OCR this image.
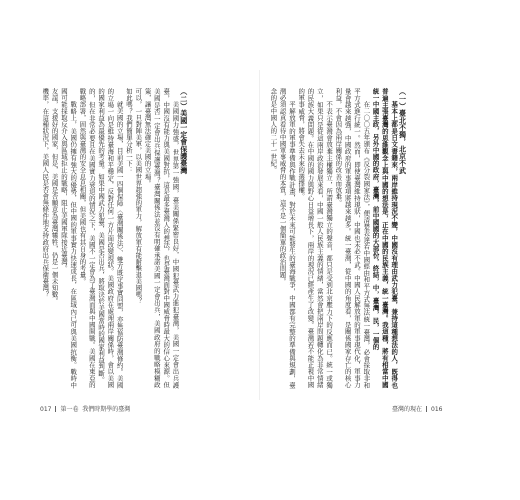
（一）臺北不獨，北京不武

基本上都是日文書籍來，兩岸維持現況不變，中國沒有理由武力犯臺，兼持這種想法的人，既得也普遍主張臺灣的思維觀念上與中國的想法是，正在中國的民族主義，統一臺灣。我這種，將有相當中國統一中國主政，另外中國的政府，臺灣，前中國國的大部份，終結，中，臺灣，民，一個的

在二〇〇五年頒布《反分裂國家法》，便清楚表達若中國經由和平方式無法統一臺灣，必會採取非和平方式進行統一。然而，即使臺灣維持現狀，中國也未必不武。中國人民解放軍的軍事現代化，軍事力量會越來越強，中國政府的軍事選項將越來越多。統一臺灣，從中國的角度看，是關係國家存亡的核心利益，不會因為兩岸關係的改善而放棄。

不表示臺灣會放棄主權獨立，所謂臺灣獨立的聲音，都只是受到北京壓力下的反應而已。統一或獨立，如果只是從這兩岸政治發展來看，中國一般人民族主義的情緒，當然會把兩岸問題轉化為非常情緒的民族大義問題。在中國的國力與野心日益增長下，兩岸的現況已經產生了改變。臺灣若不能正視中國的軍事威脅，將會失去未來的選擇權。

平解放軍的軍事準備與作戰計畫，對於未來可能發生的臺海戰爭，中國都有完整的準備與規劃，臺灣必須認真看待中國軍事威脅的本質，這不是一個簡單的政治問題。

念的是中國人的二十一世紀。

（二）美國一定會保護臺灣

美國國力強盛，世界第一強國，臺美關係緊密良好，中國犯臺武力進犯臺灣，美國一定會出兵護臺，中國沒有能力與美國對抗，這是最多臺灣人的想法，也是臺灣面對中國威脅時最大的信心來源。但美國是否一定會出兵保護臺灣？臺灣關係法並沒有明確承諾美國一定會出兵，美國政府的戰略模糊政策，讓臺灣無法確定美國的立場。

可以，一旦對陣美軍，以美國世界超強的軍力，解放軍有能耐擊退美國嗎？

如此嗎？我們簡單分析一下：

就美國的立場，目前美國一四個保障〈臺灣關係法〉、雙方既定事實同盟，亦無協防臺灣條約。美國的立場一向是維持臺海和平穩定，反對任何一方片面改變現狀。美國政府在處理兩岸關係時，會以美國的國家利益為最優先的考量。如果中國武力犯臺，美國是否出兵，將取決於美國當時的國家利益判斷。

的，但在非常必要且在美國實力衰退的情況之下，美國不一定會為了臺灣而與中國開戰。美國在東亞的戰略部署，固然與臺灣的安全息息相關，但美國也有其自身的考量。

戰略上，美國仍擁有強大的優勢，但中國的軍事實力快速成長，在區域內已可與美國抗衡。戰時中國可能採取反介入與區域拒止的戰略，阻止美國軍隊接近臺灣。

友誼，支援好的國家，但是，美國是否願意為臺灣犧牲，仍是一個未知數。

機率，在這種狀況下，美國人民是否會無條件地支持政府出兵保衛臺灣？

017 第一卷 我們時期學的臺灣	臺灣的現在 016
